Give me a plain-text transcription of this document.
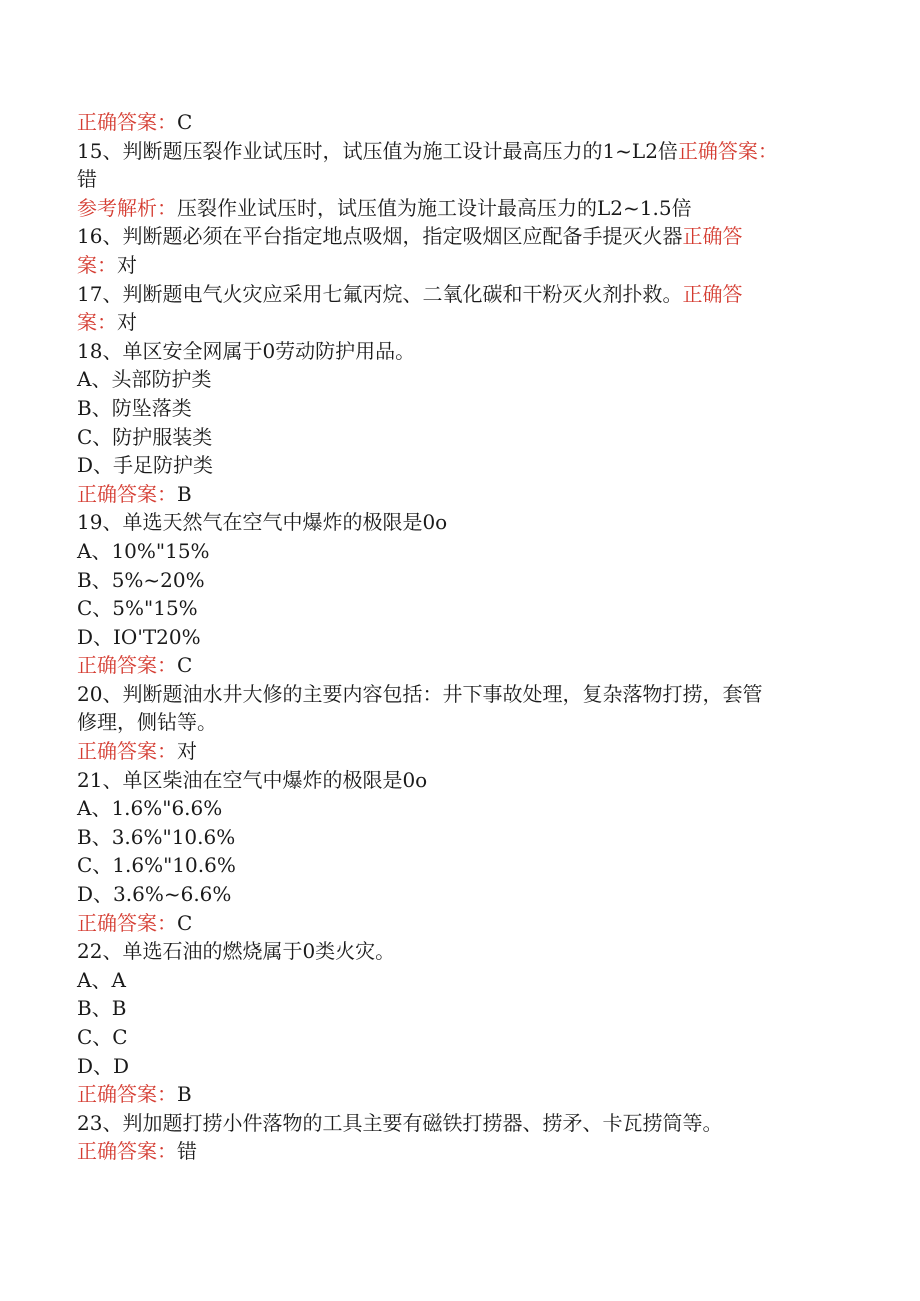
正确答案：C

15、判断题压裂作业试压时，试压值为施工设计最高压力的1~L2倍正确答案：

错

参考解析：压裂作业试压时，试压值为施工设计最高压力的L2~1.5倍

16、判断题必须在平台指定地点吸烟，指定吸烟区应配备手提灭火器正确答

案：对

17、判断题电气火灾应采用七氟丙烷、二氧化碳和干粉灭火剂扑救。正确答

案：对

18、单区安全网属于0劳动防护用品。

A、头部防护类

B、防坠落类

C、防护服装类

D、手足防护类

正确答案：B

19、单选天然气在空气中爆炸的极限是0o

A、10%"15%

B、5%~20%

C、5%"15%

D、IO'T20%

正确答案：C

20、判断题油水井大修的主要内容包括：井下事故处理，复杂落物打捞，套管

修理，侧钻等。

正确答案：对

21、单区柴油在空气中爆炸的极限是0o

A、1.6%"6.6%

B、3.6%"10.6%

C、1.6%"10.6%

D、3.6%~6.6%

正确答案：C

22、单选石油的燃烧属于0类火灾。

A、A

B、B

C、C

D、D

正确答案：B

23、判加题打捞小件落物的工具主要有磁铁打捞器、捞矛、卡瓦捞筒等。

正确答案：错
